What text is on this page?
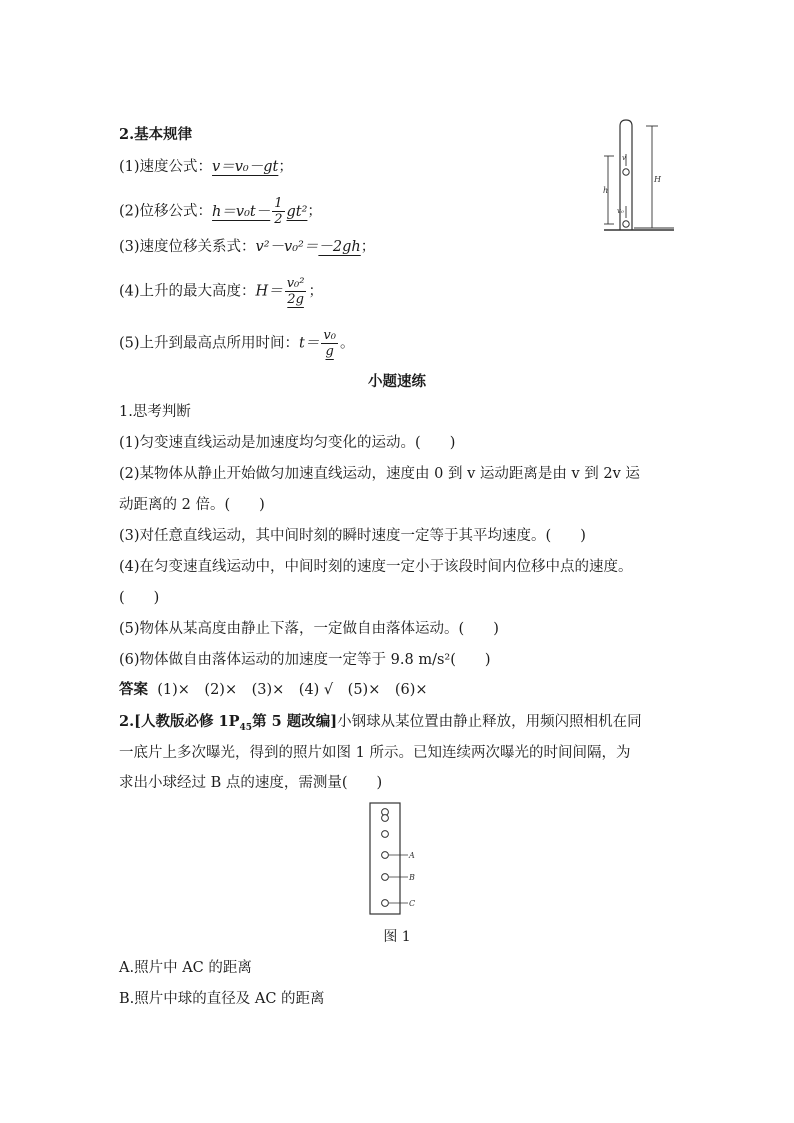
2.基本规律
(1)速度公式：v＝v₀－gt；
(2)位移公式：$h=v_0t- \frac{1}{2} gt^2$；
(3)速度位移关系式：v²－v₀²＝－2gh；
(4)上升的最大高度：$H= \frac{\text{v₀²}}{2g}$ ；
(5)上升到最高点所用时间：$t= \frac{\text{v₀}}{g}$ 。
v
h
v₀
H
小题速练
1.思考判断
(1)匀变速直线运动是加速度均匀变化的运动。(　　)
(2)某物体从静止开始做匀加速直线运动，速度由 0 到 v 运动距离是由 v 到 2v 运
动距离的 2 倍。(　　)
(3)对任意直线运动，其中间时刻的瞬时速度一定等于其平均速度。(　　)
(4)在匀变速直线运动中，中间时刻的速度一定小于该段时间内位移中点的速度。
(　　)
(5)物体从某高度由静止下落，一定做自由落体运动。(　　)
(6)物体做自由落体运动的加速度一定等于 9.8 m/s²(　　)
答案 (1)×　(2)×　(3)×　(4) √　(5)×　(6)×
2.[人教版必修 $1P_{45}$第 5 题改编]小钢球从某位置由静止释放，用频闪照相机在同
一底片上多次曝光，得到的照片如图 1 所示。已知连续两次曝光的时间间隔，为
求出小球经过 B 点的速度，需测量(　　)
A
B
C
图 1
A.照片中 AC 的距离
B.照片中球的直径及 AC 的距离
